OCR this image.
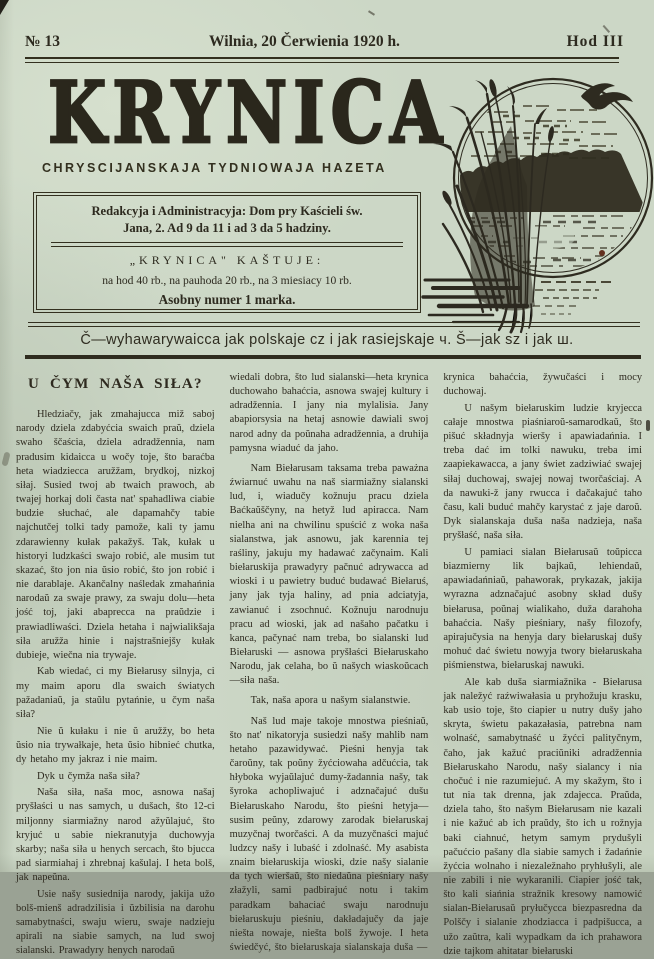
№ 13	Wilnia, 20 Čerwienia 1920 h.	Hod III
KRYNICA
CHRYSCIJANSKAJA TYDNIOWAJA HAZETA
Redakcyja i Administracyja: Dom pry Kaścieli św.
Jana, 2. Ad 9 da 11 i ad 3 da 5 hadziny.
„KRYNICA" KAŠTUJE:
na hod 40 rb., na pauhoda 20 rb., na 3 miesiacy 10 rb.
Asobny numer 1 marka.
Č—wyhawarywaicca jak polskaje cz i jak rasiejskaje ч. Š—jak sz i jak ш.
U ČYM NAŠA SIŁA?

Hledziačy, jak zmahajucca miž saboj narody dziela zdabyćcia swaich praŭ, dziela swaho ščaścia, dziela adradžennia, nam pradusim kidaicca u wočy toje, što baraćba heta wiadziecca aružžam, brydkoj, nizkoj siłaj. Susied twoj ab twaich prawoch, ab twajej horkaj doli časta nat' spahadliwa ciabie budzie słuchać, ale dapamahčy tabie najchutčej tolki tady pamože, kali ty jamu zdarawienny kułak pakažyš. Tak, kułak u historyi ludzkaści swajo robić, ale musim tut skazać, što jon nia ŭsio robić, što jon robić i nie darablaje. Akančalny naśledak zmahańnia narodaŭ za swaje prawy, za swaju dolu—heta jość toj, jaki abaprecca na praŭdzie i prawiadliwaści. Dziela hetaha i najwialikšaja siła aružža hinie i najstrašniejšy kułak dubieje, wiečna nia trywaje.

Kab wiedać, ci my Biełarusy silnyja, ci my maim aporu dla swaich światych pažadaniaŭ, ja staŭlu pytańnie, u čym naša siła?

Nie ŭ kułaku i nie ŭ aružžy, bo heta ŭsio nia trywałkaje, heta ŭsio hibnieć chutka, dy hetaho my jakraz i nie maim.

Dyk u čymža naša siła?

Naša siła, naša moc, asnowa našaj pryšłaści u nas samych, u dušach, što 12-ci miljonny siarmiažny narod ažyŭlajuć, što kryjuć u sabie niekranutyja duchowyja skarby; naša siła u henych sercach, što bjucca pad siarmiahaj i zhrebnaj kašulaj. I heta bolš, jak napeŭna.

Usie našy susiednija narody, jakija užo bolš-mienš adradzilisia i ŭzbilisia na darohu samabytnaści, swaju wieru, swaje nadzieju apirali na siabie samych, na lud swoj sialanski. Prawadyry henych narodaŭ

wiedali dobra, što lud sialanski—heta krynica duchowaho bahaćcia, asnowa swajej kultury i adradžennia. I jany nia mylalisia. Jany abapiorsysia na hetaj asnowie dawiali swoj narod adny da poŭnaha adradžennia, a druhija pamysna wiaduć da jaho.

Nam Biełarusam taksama treba paważna źwiarnuć uwahu na naš siarmiažny sialanski lud, i, wiadučy kožnuju pracu dziela Baćkaŭščyny, na hetyž lud apiracca. Nam nielha ani na chwilinu spuścić z woka naša sialanstwa, jak asnowu, jak karennia tej raśliny, jakuju my hadawać začynaim. Kali biełaruskija prawadyry pačnuć adrywacca ad wioski i u pawietry buduć budawać Biełaruś, jany jak tyja haliny, ad pnia adciatyja, zawianuć i zsochnuć. Kožnuju narodnuju pracu ad wioski, jak ad našaho pačatku i kanca, pačynać nam treba, bo sialanski lud Biełaruski — asnowa pryšłaści Biełaruskaho Narodu, jak celaha, bo ŭ našych wiaskoŭcach—siła naša.

Tak, naša apora u našym sialanstwie.

Naš lud maje takoje mnostwa pieśniaŭ, što nat' nikatoryja susiedzi našy mahlib nam hetaho pazawidywać. Pieśni henyja tak čaroŭny, tak poŭny žyćciowaha adčućcia, tak hłyboka wyjaŭlajuć dumy-žadannia našy, tak šyroka achopliwajuć i adznačajuć dušu Biełaruskaho Narodu, što pieśni hetyja—susim peŭny, zdarowy zarodak biełaruskaj muzyčnaj tworčaści. A da muzyčnaści majuć ludzcy našy i lubaść i zdolnaść. My asabista znaim biełaruskija wioski, dzie našy sialanie da tych wieršaŭ, što niedaŭna pieśniary našy złažyli, sami padbirajuć notu i takim paradkam bahaciać swaju narodnuju biełaruskuju pieśniu, dakładajučy da jaje niešta nowaje, niešta bolš žywoje. I heta świedčyć, što biełaruskaja sialanskaja duša —

krynica bahaćcia, žywučaści i mocy duchowaj.

U našym biełaruskim ludzie kryjecca całaje mnostwa piaśniaroŭ-samarodkaŭ, što pišuć składnyja wieršy i apawiadańnia. I treba dać im tolki nawuku, treba imi zaapiekawacca, a jany świet zadziwiać swajej siłaj duchowaj, swajej nowaj tworčaściaj. A da nawuki-ž jany rwucca i dačakajuć taho času, kali buduć mahčy karystać z jaje daroŭ. Dyk sialanskaja duša naša nadzieja, naša pryšłaść, naša siła.

U pamiaci sialan Biełarusaŭ toŭpicca biazmierny lik bajkaŭ, lehiendaŭ, apawiadańniaŭ, pahaworak, prykazak, jakija wyrazna adznačajuć asobny skład dušy biełarusa, poŭnaj wialikaho, duža darahoha bahaćcia. Našy pieśniary, našy filozofy, apirajučysia na henyja dary biełaruskaj dušy mohuć dać świetu nowyja twory biełaruskaha piśmienstwa, biełaruskaj nawuki.

Ale kab duša siarmiažnika - Biełarusa jak naležyć raźwiwałasia u pryhožuju krasku, kab usio toje, što ciapier u nutry dušy jaho skryta, świetu pakazałasia, patrebna nam wolnaść, samabytnaść u žyćci palityčnym, čaho, jak kažuć praciŭniki adradžennia Biełaruskaho Narodu, našy sialancy i nia chočuć i nie razumiejuć. A my skažym, što i tut nia tak drenna, jak zdajecca. Praŭda, dziela taho, što našym Biełarusam nie kazali i nie kažuć ab ich praŭdy, što ich u rožnyja baki ciahnuć, hetym samym prydušyli pačućcio pašany dla siabie samych i žadańnie žyćcia wolnaho i niezaležnaho pryhłušyli, ale nie zabili i nie wykaranili. Ciapier jość tak, što kali siańnia stražnik kresowy namowić sialan-Biełarusaŭ pryłučycca biezpasredna da Polščy i sialanie zhodziacca i padpišucca, a užo zaŭtra, kali wypadkam da ich prahawora dzie tajkom ahitatar biełaruski
